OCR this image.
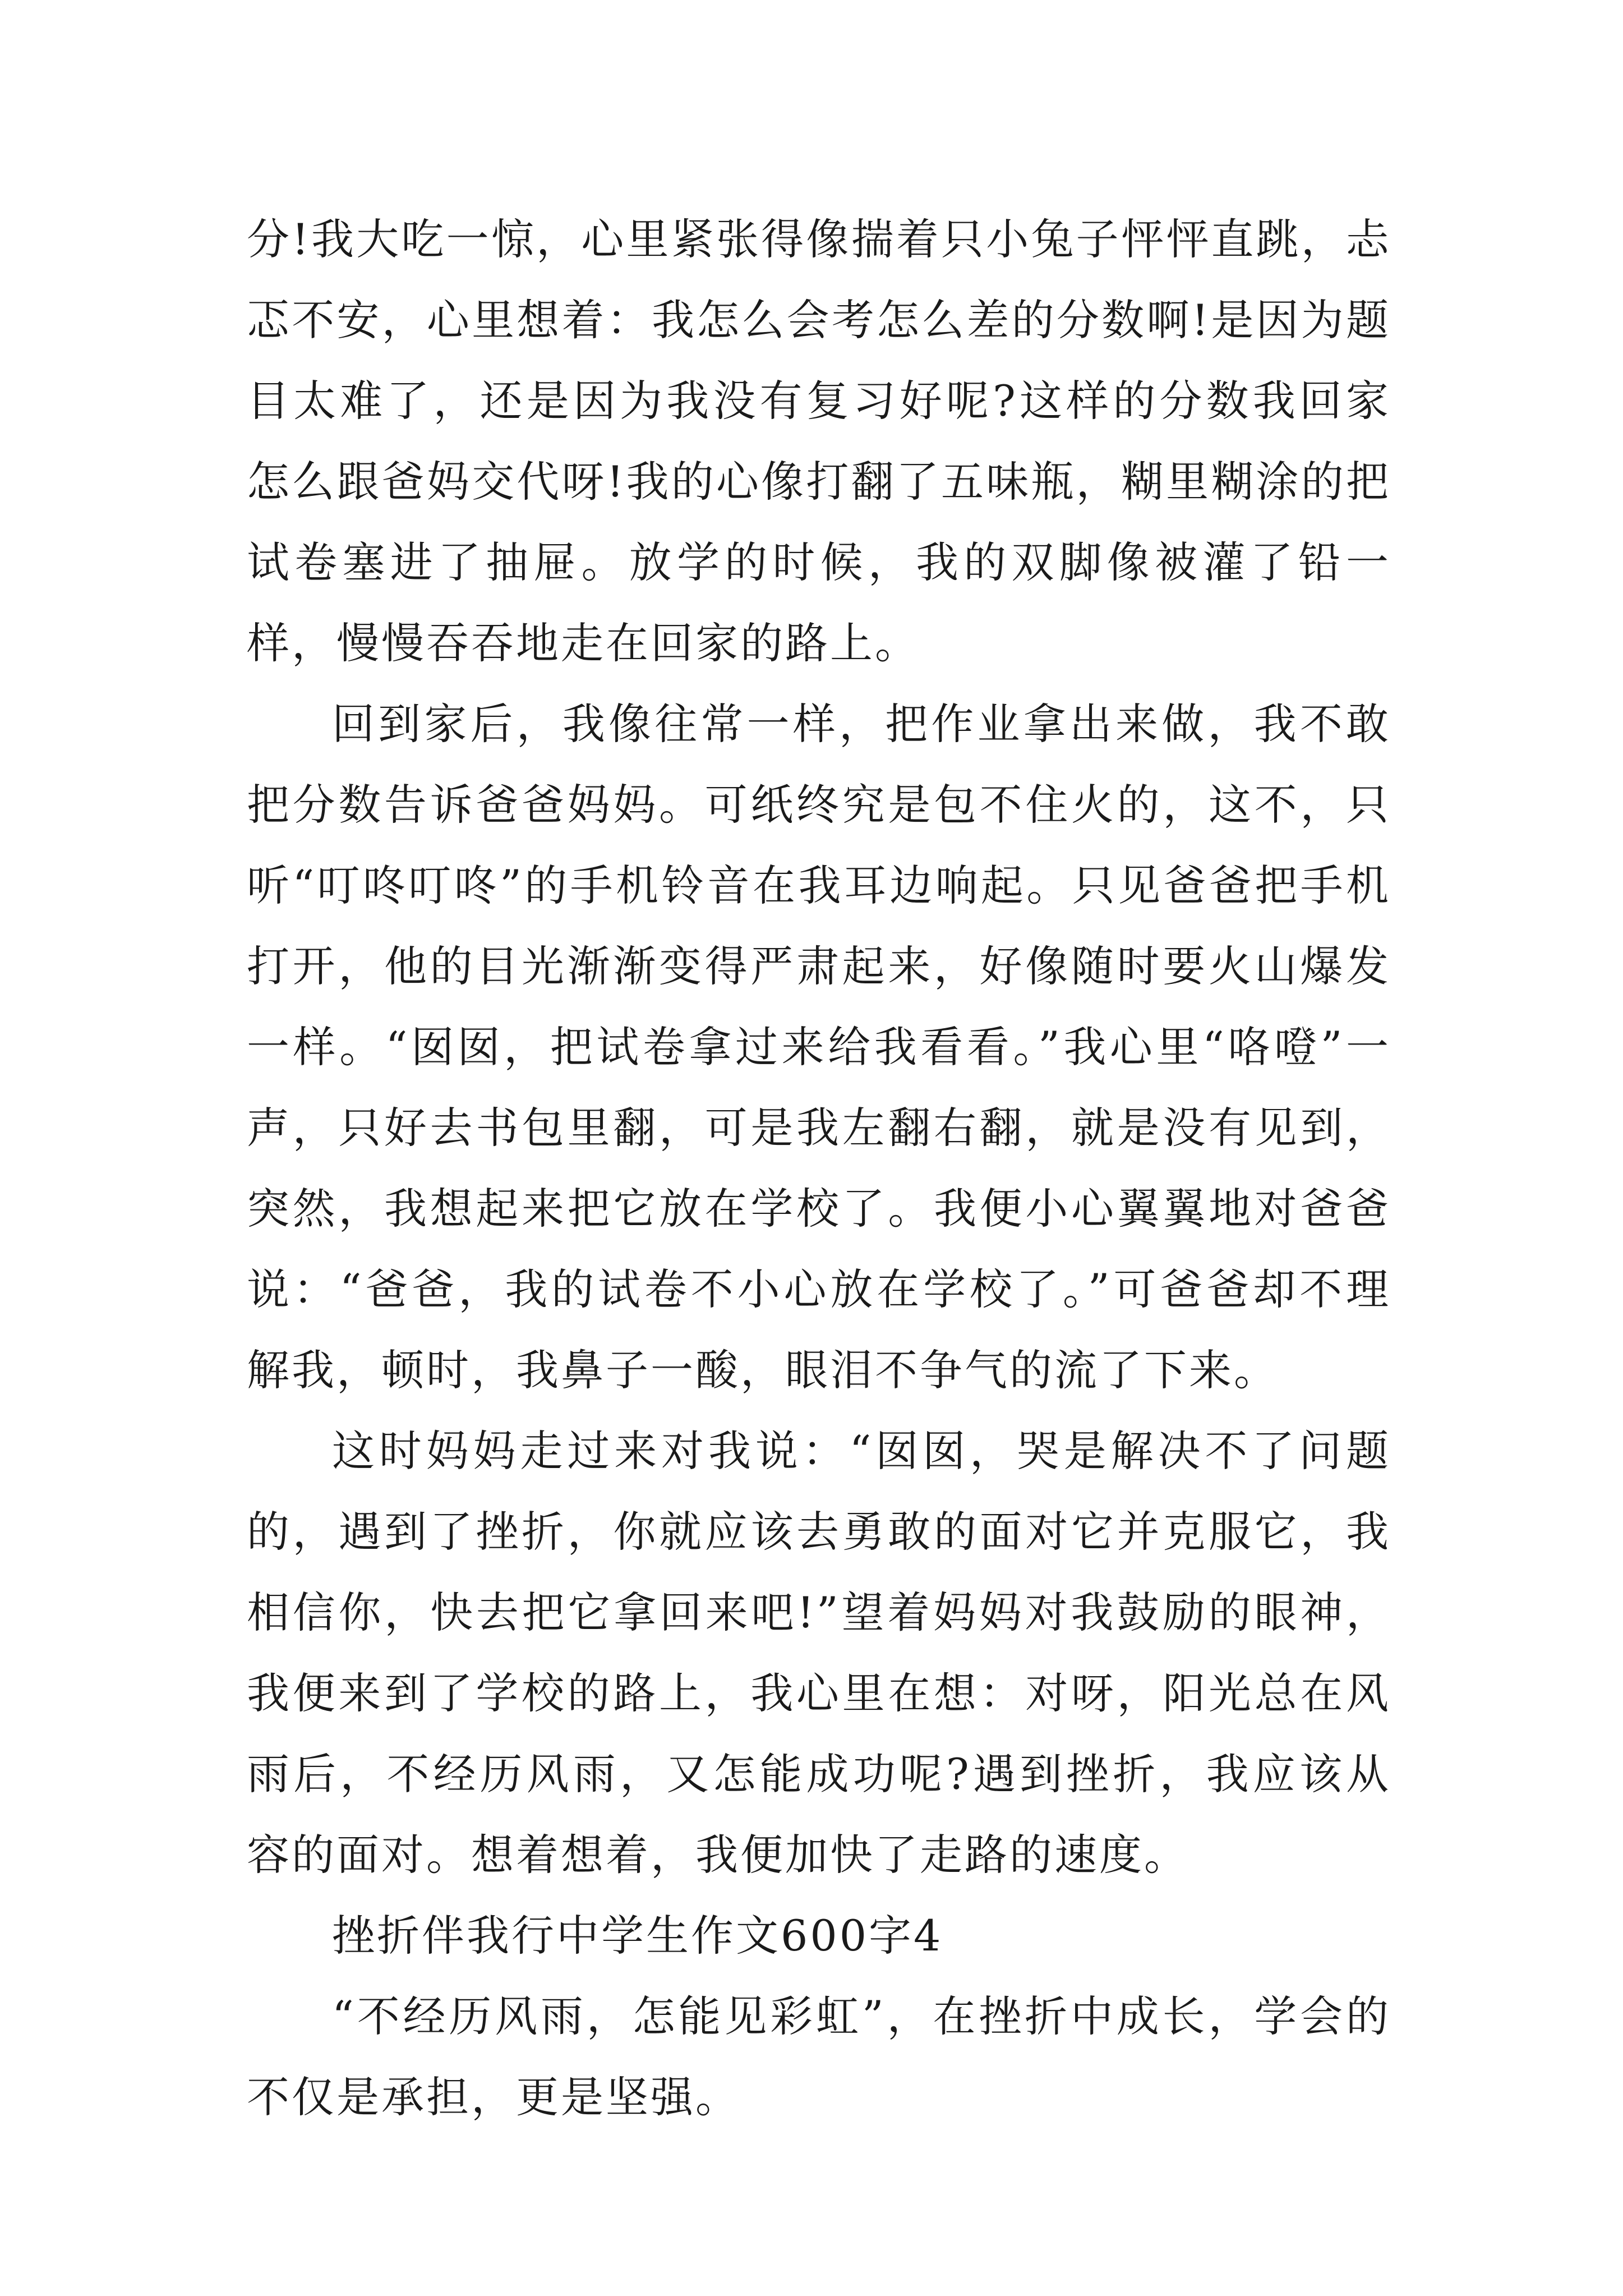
分!我大吃一惊，心里紧张得像揣着只小兔子怦怦直跳，忐忑不安，心里想着：我怎么会考怎么差的分数啊!是因为题目太难了，还是因为我没有复习好呢?这样的分数我回家怎么跟爸妈交代呀!我的心像打翻了五味瓶，糊里糊涂的把试卷塞进了抽屉。放学的时候，我的双脚像被灌了铅一样，慢慢吞吞地走在回家的路上。

回到家后，我像往常一样，把作业拿出来做，我不敢把分数告诉爸爸妈妈。可纸终究是包不住火的，这不，只听“叮咚叮咚”的手机铃音在我耳边响起。只见爸爸把手机打开，他的目光渐渐变得严肃起来，好像随时要火山爆发一样。“囡囡，把试卷拿过来给我看看。”我心里“咯噔”一声，只好去书包里翻，可是我左翻右翻，就是没有见到，突然，我想起来把它放在学校了。我便小心翼翼地对爸爸说：“爸爸，我的试卷不小心放在学校了。”可爸爸却不理解我，顿时，我鼻子一酸，眼泪不争气的流了下来。

这时妈妈走过来对我说：“囡囡，哭是解决不了问题的，遇到了挫折，你就应该去勇敢的面对它并克服它，我相信你，快去把它拿回来吧!”望着妈妈对我鼓励的眼神，我便来到了学校的路上，我心里在想：对呀，阳光总在风雨后，不经历风雨，又怎能成功呢?遇到挫折，我应该从容的面对。想着想着，我便加快了走路的速度。

挫折伴我行中学生作文600字4

“不经历风雨，怎能见彩虹”，在挫折中成长，学会的不仅是承担，更是坚强。
